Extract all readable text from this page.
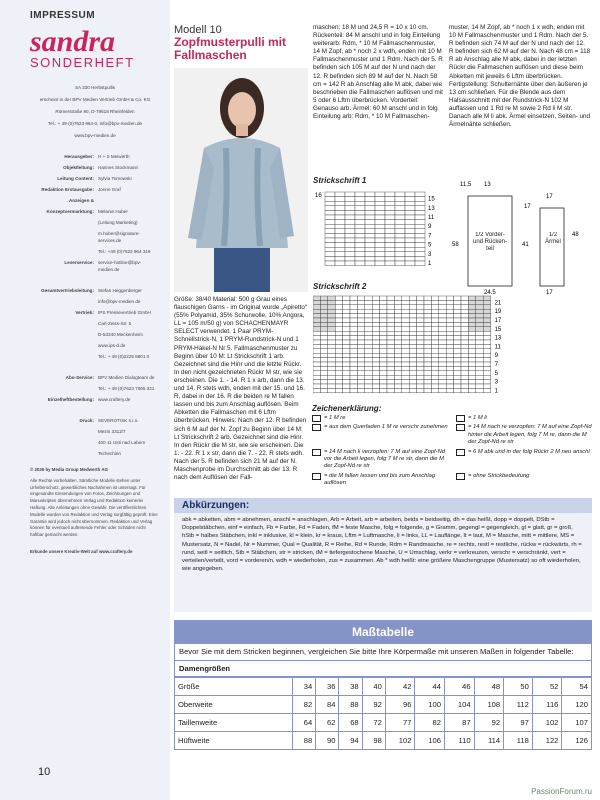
IMPRESSUM
sandra
SONDERHEFT

SA 330 Herbstpullis

erscheint in der BPV Medien Vertrieb GmbH & Co. KG

Römerstraße 90, D-79618 Rheinfelden

Tel.: + 49-(0)7623 964-0, info@bpv-medien.de

www.bpv-medien.de

Herausgeber: H + S Meiwerth
Objektleitung: Hannes Stockmann
Leitung Content: Sylvia Tomowski
Redaktion Erstausgabe: Jonne Graf
Anzeigen &
Konzeptvermarktung: Melanie Huber
(Leitung Marketing)
m.huber@signature-services.de
Tel.: +49 (0)7623 964 318
Leserservice: service-hotline@bpv-medien.de
Gesamtvertriebsleitung: Stefan Heggenberger
info@bpv-medien.de
Vertrieb: IPS Pressevertrieb GmbH
Carl-Zeiss-Str. 5
D-53340 Meckenheim
www.ips-d.de
Tel.: + 49 (0)2225 8801 0
Abo-Service: BPV Medien Dialogteam de
Tel.: + 49 (0)7623 7065 321
Einzelheftbestellung: www.craftery.de
Druck: SEVEROTISK s.r.o.
Mezni 3312/7
400 11 Usti nad Labem
Tschechien

© 2026 by Media Group Medwerth AG

Alle Rechte vorbehalten. Sämtliche Modelle stehen unter Urheberschutz, gewerbliches Nachahmen ist untersagt. Für eingesandte Einsendungen von Fotos, Zeichnungen und Manuskripten übernehmen Verlag und Redaktion keinerlei Haftung. Alle Anleitungen ohne Gewähr. Die veröffentlichten Modelle wurden von Redaktion und Verlag sorgfältig geprüft. Eine Garantie wird jedoch nicht übernommen. Redaktion und Verlag können für eventuell auftretende Fehler oder Schäden nicht haftbar gemacht werden.

Erkunde unsere Kreativ-Welt auf www.craftery.de

10
Modell 10
Zopfmusterpulli mit Fallmaschen
Größe: 38/40 Material: 500 g Grau eines flauschigen Garns - im Original wurde „Apiretto“ (55% Polyamid, 35% Schurwolle, 10% Angora, LL = 105 m/50 g) von SCHACHENMAYR SELECT verwendet. 1 Paar PRYM-Schnellstrick-N, 1 PRYM-Rundstrick-N und 1 PRYM-Häkel-N Nr 5. Fallmaschenmuster zu Beginn über 10 M: Lt Strickschrift 1 arb. Gezeichnet sind die Hinr und die letzte Rückr. In den nicht gezeichneten Rückr M str, wie sie erscheinen. Die 1. - 14. R 1 x arb, dann die 13. und 14. R stets wdh, enden mit der 15. und 16. R, dabei in der 16. R die beiden re M fallen lassen und bis zum Anschlag auflösen. Beim Abketten die Fallmaschen mit 6 Lftm überbrücken. Hinweis: Nach der 12. R befinden sich 6 M auf der N. Zopf zu Beginn über 14 M: Lt Strickschrift 2 arb. Gezeichnet sind die Hinr. In den Rückr die M str, wie sie erscheinen. Die 1. - 22. R 1 x str, dann die 7. - 22. R stets wdh. Nach der 5. R befinden sich 21 M auf der N. Maschenprobe im Durchschnitt ab der 13. R nach dem Auflösen der Fall-
maschen: 18 M und 24,5 R = 10 x 10 cm. Rückenteil: 84 M anschl und in folg Einteilung weiterarb: Rdm, * 10 M Fallmaschenmuster, 14 M Zopf, ab * noch 2 x wdh, enden mit 10 M Fallmaschenmuster und 1 Rdm. Nach der 5. R befinden sich 105 M auf der N und nach der 12. R befinden sich 89 M auf der N. Nach 58 cm = 142 R ab Anschlag alle M abk, dabei wie beschrieben die Fallmaschen auflösen und mit 5 oder 6 Lftm überbrücken. Vorderteil: Genauso arb. Ärmel: 60 M anschl und in folg Einteilung arb: Rdm, * 10 M Fallmaschen-
muster, 14 M Zopf, ab * noch 1 x wdh, enden mit 10 M Fallmaschenmuster und 1 Rdm. Nach der 5. R befinden sich 74 M auf der N und nach der 12. R befinden sich 62 M auf der N. Nach 48 cm = 118 R ab Anschlag alle M abk, dabei in der letzten Rückr die Fallmaschen auflösen und diese beim Abketten mit jeweils 6 Lftm überbrücken. Fertigstellung: Schulternähte über den äußeren je 13 cm schließen. Für die Blende aus dem Halsausschnitt mit der Rundstrick-N 102 M auffassen und 1 Rd re M sowie 2 Rd li M str. Danach alle M li abk. Ärmel einsetzen, Seiten- und Ärmelnähte schließen.
Strickschrift 1
16
15
13
11
9
7
5
3
1
11,5 13
17
58	41
48
17
1/2 Vorder- und Rücken- teil
1/2 Ärmel
24,5	17
Strickschrift 2
21
19
17
15
13
11
9
7
5
3
1
Zeichenerklärung:
= 1 M re	= 1 M li
= aus dem Querfaden 1 M re verschr zunehmen	= 14 M nach re verzopfen: 7 M auf eine Zopf-Nd hinter die Arbeit legen, folg 7 M re, dann die M der Zopf-Nd re str
= 14 M nach li verzopfen: 7 M auf eine Zopf-Nd vor die Arbeit legen, folg 7 M re str, dann die M der Zopf-Nd re str
= 6 M abk und in der folg Rückr 2 M neu anschl
= die M fallen lassen und bis zum Anschlag auflösen
= ohne Strickbedeutung
Abkürzungen:
abk = abketten, abm = abnehmen, anschl = anschlagen, Arb = Arbeit, arb = arbeiten, beids = beidseitig, dh = das heißt, dopp = doppelt, DStb = Doppelstäbchen, einf = einfach, Fb = Farbe, Fd = Faden, fM = feste Masche, folg = folgende, g = Gramm, gegengl = gegengleich, gl = glatt, gr = groß, hStb = halbes Stäbchen, inkl = inklusive, kl = klein, kr = kraus, Lftm = Luftmasche, li = links, LL = Lauflänge, lt = laut, M = Masche, mitt = mittlere, MS = Mustersatz, N = Nadel, Nr = Nummer, Qual = Qualität, R = Reihe, Rd = Runde, Rdm = Randmasche, re = rechts, restl = restliche, rückw = rückwärts, rh = rund, seitl = seitlich, Stb = Stäbchen, str = stricken, tM = tiefergestochene Masche, U = Umschlag, verkr = verkreuzen, verschr = verschränkt, vert = verteilen/verteilt, vord = vorderen/n, wdh = wiederholen, zus = zusammen. Ab * wdh heißt: eine größere Maschengruppe (Mustersatz) so oft wiederholen, wie angegeben.
Maßtabelle
Bevor Sie mit dem Stricken beginnen, vergleichen Sie bitte Ihre Körpermaße mit unseren Maßen in folgender Tabelle:
Damengrößen
Größe	34	36	38	40	42	44	46	48	50	52	54
Oberweite	82	84	88	92	96	100	104	108	112	116	120
Taillenweite	64	62	68	72	77	82	87	92	97	102	107
Hüftweite	88	90	94	98	102	106	110	114	118	122	126
PassionForum.ru
